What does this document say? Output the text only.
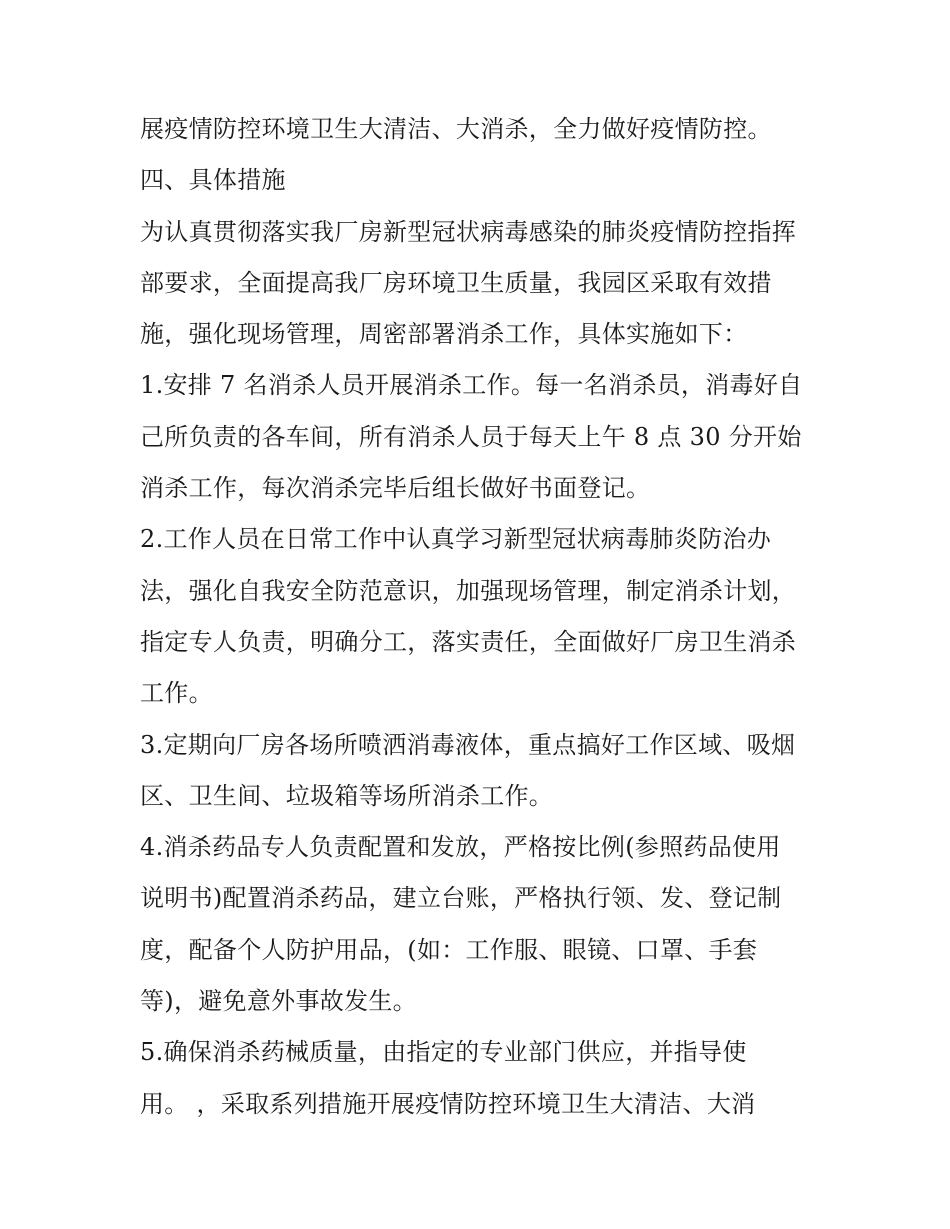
展疫情防控环境卫生大清洁、大消杀，全力做好疫情防控。
四、具体措施
为认真贯彻落实我厂房新型冠状病毒感染的肺炎疫情防控指挥
部要求，全面提高我厂房环境卫生质量，我园区采取有效措
施，强化现场管理，周密部署消杀工作，具体实施如下：
1.安排 7 名消杀人员开展消杀工作。每一名消杀员，消毒好自
己所负责的各车间，所有消杀人员于每天上午 8 点 30 分开始
消杀工作，每次消杀完毕后组长做好书面登记。
2.工作人员在日常工作中认真学习新型冠状病毒肺炎防治办
法，强化自我安全防范意识，加强现场管理，制定消杀计划，
指定专人负责，明确分工，落实责任，全面做好厂房卫生消杀
工作。
3.定期向厂房各场所喷洒消毒液体，重点搞好工作区域、吸烟
区、卫生间、垃圾箱等场所消杀工作。
4.消杀药品专人负责配置和发放，严格按比例(参照药品使用
说明书)配置消杀药品，建立台账，严格执行领、发、登记制
度，配备个人防护用品，(如：工作服、眼镜、口罩、手套
等)，避免意外事故发生。
5.确保消杀药械质量，由指定的专业部门供应，并指导使
用。 ，采取系列措施开展疫情防控环境卫生大清洁、大消
